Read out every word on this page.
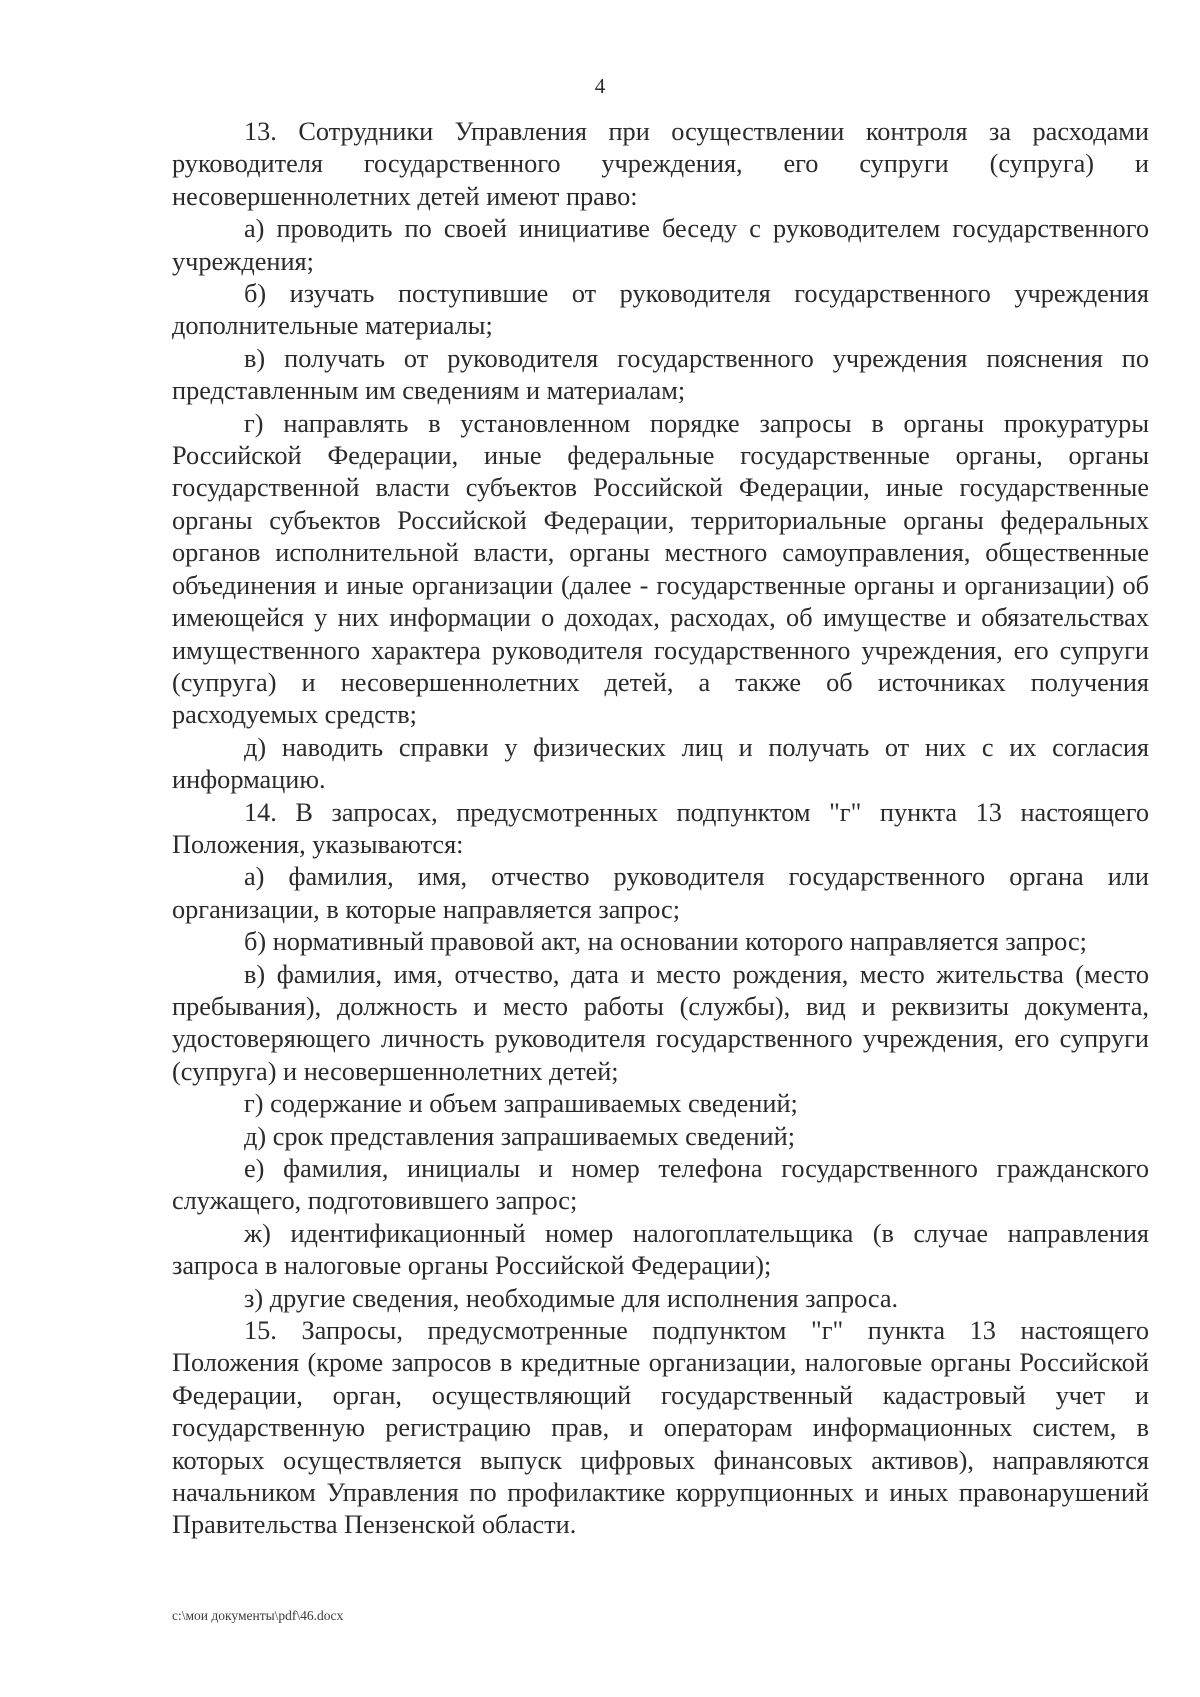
4

13. Сотрудники Управления при осуществлении контроля за расходами руководителя государственного учреждения, его супруги (супруга) и несовершеннолетних детей имеют право:

а) проводить по своей инициативе беседу с руководителем государственного учреждения;

б) изучать поступившие от руководителя государственного учреждения дополнительные материалы;

в) получать от руководителя государственного учреждения пояснения по представленным им сведениям и материалам;

г) направлять в установленном порядке запросы в органы прокуратуры Российской Федерации, иные федеральные государственные органы, органы государственной власти субъектов Российской Федерации, иные государственные органы субъектов Российской Федерации, территориальные органы федеральных органов исполнительной власти, органы местного самоуправления, общественные объединения и иные организации (далее - государственные органы и организации) об имеющейся у них информации о доходах, расходах, об имуществе и обязательствах имущественного характера руководителя государственного учреждения, его супруги (супруга) и несовершеннолетних детей, а также об источниках получения расходуемых средств;

д) наводить справки у физических лиц и получать от них с их согласия информацию.

14. В запросах, предусмотренных подпунктом "г" пункта 13 настоящего Положения, указываются:

а) фамилия, имя, отчество руководителя государственного органа или организации, в которые направляется запрос;

б) нормативный правовой акт, на основании которого направляется запрос;

в) фамилия, имя, отчество, дата и место рождения, место жительства (место пребывания), должность и место работы (службы), вид и реквизиты документа, удостоверяющего личность руководителя государственного учреждения, его супруги (супруга) и несовершеннолетних детей;

г) содержание и объем запрашиваемых сведений;

д) срок представления запрашиваемых сведений;

е) фамилия, инициалы и номер телефона государственного гражданского служащего, подготовившего запрос;

ж) идентификационный номер налогоплательщика (в случае направления запроса в налоговые органы Российской Федерации);

з) другие сведения, необходимые для исполнения запроса.

15. Запросы, предусмотренные подпунктом "г" пункта 13 настоящего Положения (кроме запросов в кредитные организации, налоговые органы Российской Федерации, орган, осуществляющий государственный кадастровый учет и государственную регистрацию прав, и операторам информационных систем, в которых осуществляется выпуск цифровых финансовых активов), направляются начальником Управления по профилактике коррупционных и иных правонарушений Правительства Пензенской области.

c:\мои документы\pdf\46.docx
